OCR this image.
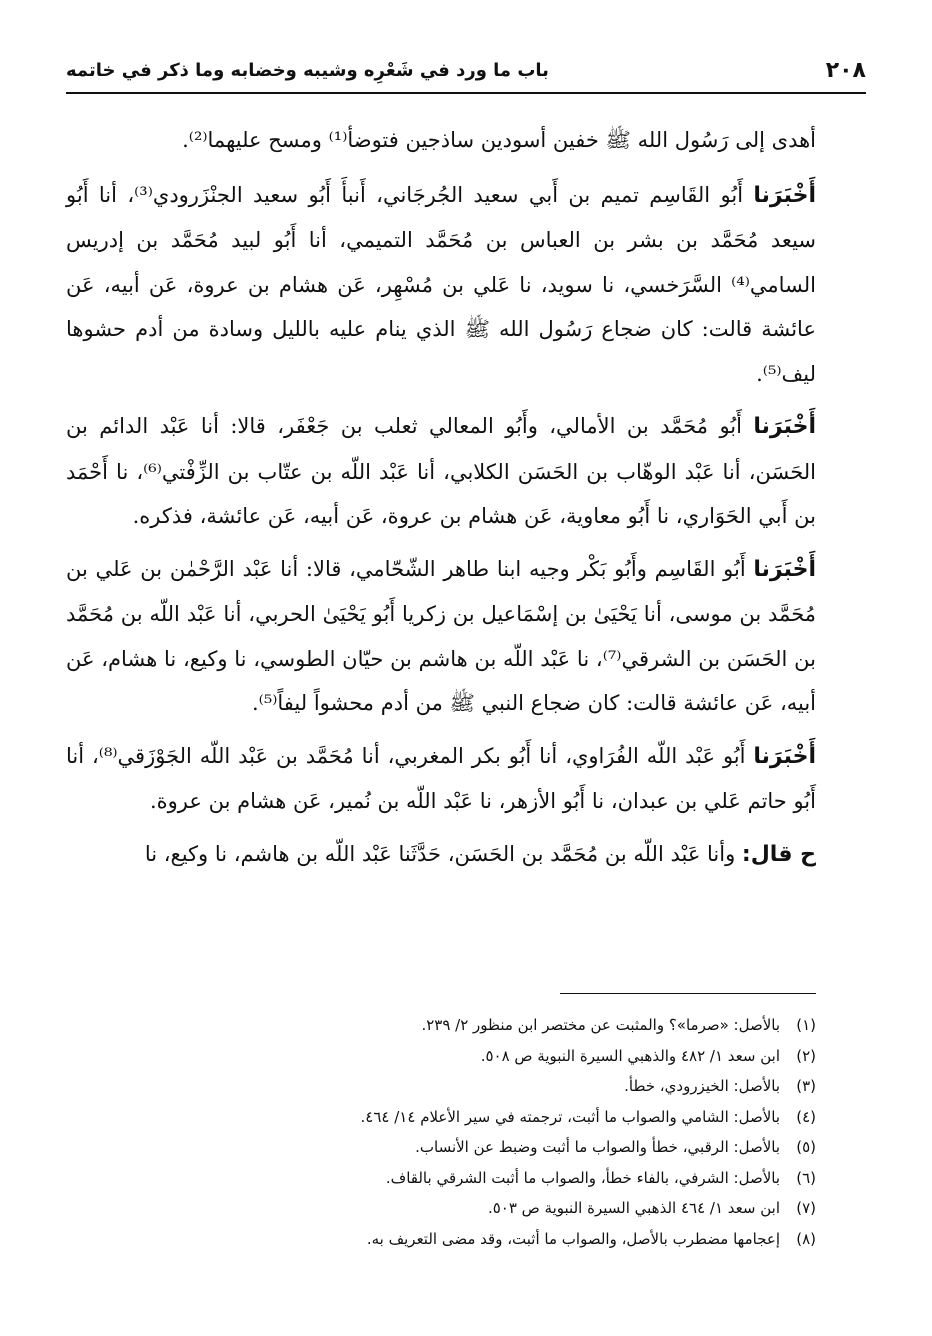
٢٠٨
باب ما ورد في شَعْرِه وشيبه وخضابه وما ذكر في خاتمه

أهدى إلى رَسُول الله ﷺ خفين أسودين ساذجين فتوضأ⁽¹⁾ ومسح عليهما⁽²⁾.

أَخْبَرَنا أَبُو القَاسِم تميم بن أَبي سعيد الجُرجَاني، أَنبأَ أَبُو سعيد الجنْزَرودي⁽³⁾، أنا أَبُو سيعد مُحَمَّد بن بشر بن العباس بن مُحَمَّد التميمي، أنا أَبُو لبيد مُحَمَّد بن إدريس السامي⁽⁴⁾ السَّرَخسي، نا سويد، نا عَلي بن مُسْهِر، عَن هشام بن عروة، عَن أبيه، عَن عائشة قالت: كان ضجاع رَسُول الله ﷺ الذي ينام عليه بالليل وسادة من أدم حشوها ليف⁽⁵⁾.

أَخْبَرَنا أَبُو مُحَمَّد بن الأمالي، وأَبُو المعالي ثعلب بن جَعْفَر، قالا: أنا عَبْد الدائم بن الحَسَن، أنا عَبْد الوهّاب بن الحَسَن الكلابي، أنا عَبْد اللّه بن عتّاب بن الزِّفْتي⁽⁶⁾، نا أَحْمَد بن أَبي الحَوَاري، نا أَبُو معاوية، عَن هشام بن عروة، عَن أبيه، عَن عائشة، فذكره.

أَخْبَرَنا أَبُو القَاسِم وأَبُو بَكْر وجيه ابنا طاهر الشّحّامي، قالا: أنا عَبْد الرَّحْمٰن بن عَلي بن مُحَمَّد بن موسى، أنا يَحْيَىٰ بن إسْمَاعيل بن زكريا أَبُو يَحْيَىٰ الحربي، أنا عَبْد اللّه بن مُحَمَّد بن الحَسَن بن الشرقي⁽⁷⁾، نا عَبْد اللّه بن هاشم بن حيّان الطوسي، نا وكيع، نا هشام، عَن أبيه، عَن عائشة قالت: كان ضجاع النبي ﷺ من أدم محشواً ليفاً⁽⁵⁾.

أَخْبَرَنا أَبُو عَبْد اللّه الفُرَاوي، أنا أَبُو بكر المغربي، أنا مُحَمَّد بن عَبْد اللّه الجَوْزَقي⁽⁸⁾، أنا أَبُو حاتم عَلي بن عبدان، نا أَبُو الأزهر، نا عَبْد اللّه بن نُمير، عَن هشام بن عروة.

ح قال: وأنا عَبْد اللّه بن مُحَمَّد بن الحَسَن، حَدَّثَنا عَبْد اللّه بن هاشم، نا وكيع، نا

(١)بالأصل: «صرما»؟ والمثبت عن مختصر ابن منظور ٢/ ٢٣٩.
(٢)ابن سعد ١/ ٤٨٢ والذهبي السيرة النبوية ص ٥٠٨.
(٣)بالأصل: الخيزرودي، خطأ.
(٤)بالأصل: الشامي والصواب ما أثبت، ترجمته في سير الأعلام ١٤/ ٤٦٤.
(٥)بالأصل: الرقبي، خطأ والصواب ما أثبت وضبط عن الأنساب.
(٦)بالأصل: الشرفي، بالفاء خطأ، والصواب ما أثبت الشرقي بالقاف.
(٧)ابن سعد ١/ ٤٦٤ الذهبي السيرة النبوية ص ٥٠٣.
(٨)إعجامها مضطرب بالأصل، والصواب ما أثبت، وقد مضى التعريف به.
